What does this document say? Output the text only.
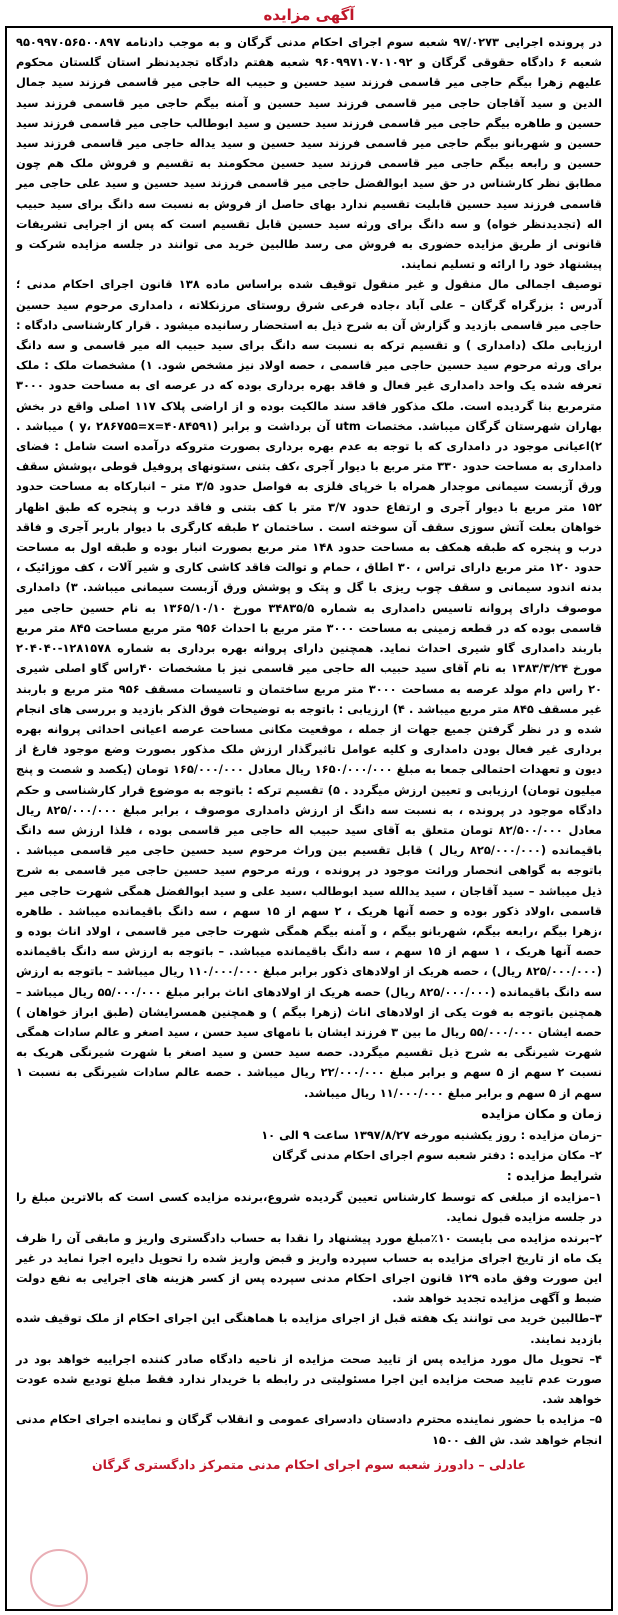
آگهی مزایده

در پرونده اجرایی ۹۷/۰۲۷۳ شعبه سوم اجرای احکام مدنی گرگان و به موجب دادنامه ۹۵۰۹۹۷۰۵۶۵۰۰۸۹۷ شعبه ۶ دادگاه حقوقی گرگان و ۹۶۰۹۹۷۱۰۷۰۱۰۹۲ شعبه هفتم دادگاه تجدیدنظر استان گلستان محکوم علیهم زهرا بیگم حاجی میر قاسمی فرزند سید حسین و حبیب اله حاجی میر قاسمی فرزند سید جمال الدین و سید آقاجان حاجی میر قاسمی فرزند سید حسین و آمنه بیگم حاجی میر قاسمی فرزند سید حسین و طاهره بیگم حاجی میر قاسمی فرزند سید حسین و سید ابوطالب حاجی میر قاسمی فرزند سید حسین و شهربانو بیگم حاجی میر قاسمی فرزند سید حسین و سید یداله حاجی میر قاسمی فرزند سید حسین و رابعه بیگم حاجی میر قاسمی فرزند سید حسین محکومند به تقسیم و فروش ملک هم چون مطابق نظر کارشناس در حق سید ابوالفضل حاجی میر قاسمی فرزند سید حسین و سید علی حاجی میر قاسمی فرزند سید حسین قابلیت تقسیم ندارد بهای حاصل از فروش به نسبت سه دانگ برای سید حبیب اله (تجدیدنظر خواه) و سه دانگ برای ورثه سید حسین قابل تقسیم است که پس از اجرایی تشریفات قانونی از طریق مزایده حضوری به فروش می رسد طالبین خرید می توانند در جلسه مزایده شرکت و پیشنهاد خود را ارائه و تسلیم نمایند.

توصیف اجمالی مال منقول و غیر منقول توقیف شده براساس ماده ۱۳۸ قانون اجرای احکام مدنی ؛ آدرس : بزرگراه گرگان – علی آباد ،جاده فرعی شرق روستای مرزنکلاته ، دامداری مرحوم سید حسین حاجی میر قاسمی بازدید و گزارش آن به شرح ذیل به استحضار رسانیده میشود . قرار کارشناسی دادگاه : ارزیابی ملک (دامداری ) و تقسیم ترکه به نسبت سه دانگ برای سید حبیب اله میر قاسمی و سه دانگ برای ورثه مرحوم سید حسین حاجی میر قاسمی ، حصه اولاد نیز مشخص شود. ۱) مشخصات ملک : ملک تعرفه شده یک واحد دامداری غیر فعال و فاقد بهره برداری بوده که در عرصه ای به مساحت حدود ۳۰۰۰ مترمربع بنا گردیده است. ملک مذکور فاقد سند مالکیت بوده و از اراضی پلاک ۱۱۷ اصلی واقع در بخش بهاران شهرستان گرگان میباشد. مختصات utm آن برداشت و برابر (۴۰۸۴۵۹۱=y، ۲۸۶۷۵۵=x ) میباشد . ۲)اعیانی موجود در دامداری که با توجه به عدم بهره برداری بصورت متروکه درآمده است شامل : فضای دامداری به مساحت حدود ۳۳۰ متر مربع با دیوار آجری ،کف بتنی ،ستونهای پروفیل قوطی ،پوشش سقف ورق آزبست سیمانی موجدار همراه با خرپای فلزی به فواصل حدود ۳/۵ متر – انبارکاه به مساحت حدود ۱۵۲ متر مربع با دیوار آجری و ارتفاع حدود ۳/۷ متر با کف بتنی و فاقد درب و پنجره که طبق اظهار خواهان بعلت آتش سوزی سقف آن سوخته است . ساختمان ۲ طبقه کارگری با دیوار باربر آجری و فاقد درب و پنجره که طبقه همکف به مساحت حدود ۱۴۸ متر مربع بصورت انبار بوده و طبقه اول به مساحت حدود ۱۲۰ متر مربع دارای تراس ، ۳۰ اطاق ، حمام و توالت فاقد کاشی کاری و شیر آلات ، کف موزائیک ، بدنه اندود سیمانی و سقف چوب ریزی با گل و پتک و پوشش ورق آزبست سیمانی میباشد. ۳) دامداری موصوف دارای پروانه تاسیس دامداری به شماره ۳۴۸۳۵/۵ مورخ ۱۳۶۵/۱۰/۱۰ به نام حسین حاجی میر قاسمی بوده که در قطعه زمینی به مساحت ۳۰۰۰ متر مربع با احداث ۹۵۶ متر مربع مساحت ۸۴۵ متر مربع باربند دامداری گاو شیری احداث نماید. همچنین دارای پروانه بهره برداری به شماره ۱۲۸۱۵۷۸-۲۰۴۰۴۰ مورخ ۱۳۸۳/۳/۲۴ به نام آقای سید حبیب اله حاجی میر قاسمی نیز با مشخصات ۴۰راس گاو اصلی شیری ۲۰ راس دام مولد عرصه به مساحت ۳۰۰۰ متر مربع ساختمان و تاسیسات مسقف ۹۵۶ متر مربع و باربند غیر مسقف ۸۴۵ متر مربع میباشد . ۴) ارزیابی : باتوجه به توضیحات فوق الذکر بازدید و بررسی های انجام شده و در نظر گرفتن جمیع جهات از جمله ، موقعیت مکانی مساحت عرصه اعیانی احداثی پروانه بهره برداری غیر فعال بودن دامداری و کلیه عوامل تاثیرگذار ارزش ملک مذکور بصورت وضع موجود فارغ از دیون و تعهدات احتمالی جمعا به مبلغ ۱۶۵۰/۰۰۰/۰۰۰ ریال معادل ۱۶۵/۰۰۰/۰۰۰ تومان (یکصد و شصت و پنج میلیون تومان) ارزیابی و تعیین ارزش میگردد . ۵) تقسیم ترکه : باتوجه به موضوع قرار کارشناسی و حکم دادگاه موجود در پرونده ، به نسبت سه دانگ از ارزش دامداری موصوف ، برابر مبلغ ۸۲۵/۰۰۰/۰۰۰ ریال معادل ۸۲/۵۰۰/۰۰۰ تومان متعلق به آقای سید حبیب اله حاجی میر قاسمی بوده ، فلذا ارزش سه دانگ باقیمانده (۸۲۵/۰۰۰/۰۰۰ ریال ) قابل تقسیم بین وراث مرحوم سید حسین حاجی میر قاسمی میباشد . باتوجه به گواهی انحصار وراثت موجود در پرونده ، ورثه مرحوم سید حسین حاجی میر قاسمی به شرح ذیل میباشد – سید آقاجان ، سید یدالله سید ابوطالب ،سید علی و سید ابوالفضل همگی شهرت حاجی میر قاسمی ،اولاد ذکور بوده و حصه آنها هریک ، ۲ سهم از ۱۵ سهم ، سه دانگ باقیمانده میباشد . طاهره ،زهرا بیگم ،رابعه بیگم، شهربانو بیگم ، و آمنه بیگم همگی شهرت حاجی میر قاسمی ، اولاد اناث بوده و حصه آنها هریک ، ۱ سهم از ۱۵ سهم ، سه دانگ باقیمانده میباشد. – باتوجه به ارزش سه دانگ باقیمانده (۸۲۵/۰۰۰/۰۰۰ ریال) ، حصه هریک از اولادهای ذکور برابر مبلغ ۱۱۰/۰۰۰/۰۰۰ ریال میباشد – باتوجه به ارزش سه دانگ باقیمانده (۸۲۵/۰۰۰/۰۰۰ ریال) حصه هریک از اولادهای اناث برابر مبلغ ۵۵/۰۰۰/۰۰۰ ریال میباشد – همچنین باتوجه به فوت یکی از اولادهای اناث (زهرا بیگم ) و همچنین همسرایشان (طبق ابراز خواهان ) حصه ایشان ۵۵/۰۰۰/۰۰۰ ریال ما بین ۳ فرزند ایشان با نامهای سید حسن ، سید اصغر و عالم سادات همگی شهرت شیرنگی به شرح ذیل تقسیم میگردد. حصه سید حسن و سید اصغر با شهرت شیرنگی هریک به نسبت ۲ سهم از ۵ سهم و برابر مبلغ ۲۲/۰۰۰/۰۰۰ ریال میباشد . حصه عالم سادات شیرنگی به نسبت ۱ سهم از ۵ سهم و برابر مبلغ ۱۱/۰۰۰/۰۰۰ ریال میباشد.

زمان و مکان مزایده

–زمان مزایده : روز یکشنبه مورخه ۱۳۹۷/۸/۲۷ ساعت ۹ الی ۱۰

۲– مکان مزایده : دفتر شعبه سوم اجرای احکام مدنی گرگان

شرایط مزایده :

۱–مزایده از مبلغی که توسط کارشناس تعیین گردیده شروع،برنده مزایده کسی است که بالاترین مبلغ را در جلسه مزایده قبول نماید.

۲–برنده مزایده می بایست ۱۰٪مبلغ مورد پیشنهاد را نقدا به حساب دادگستری واریز و مابقی آن را ظرف یک ماه از تاریخ اجرای مزایده به حساب سپرده واریز و قبض واریز شده را تحویل دایره اجرا نماید در غیر این صورت وفق ماده ۱۲۹ قانون اجرای احکام مدنی سپرده پس از کسر هزینه های اجرایی به نفع دولت ضبط و آگهی مزایده تجدید خواهد شد.

۳–طالبین خرید می توانند یک هفته قبل از اجرای مزایده با هماهنگی این اجرای احکام از ملک توقیف شده بازدید نمایند.

۴– تحویل مال مورد مزایده پس از تایید صحت مزایده از ناحیه دادگاه صادر کننده اجراییه خواهد بود در صورت عدم تایید صحت مزایده این اجرا مسئولیتی در رابطه با خریدار ندارد فقط مبلغ تودیع شده عودت خواهد شد.

۵– مزایده با حضور نماینده محترم دادستان دادسرای عمومی و انقلاب گرگان و نماینده اجرای احکام مدنی انجام خواهد شد. ش الف ۱۵۰۰

عادلی – دادورز شعبه سوم اجرای احکام مدنی متمرکز دادگستری گرگان
